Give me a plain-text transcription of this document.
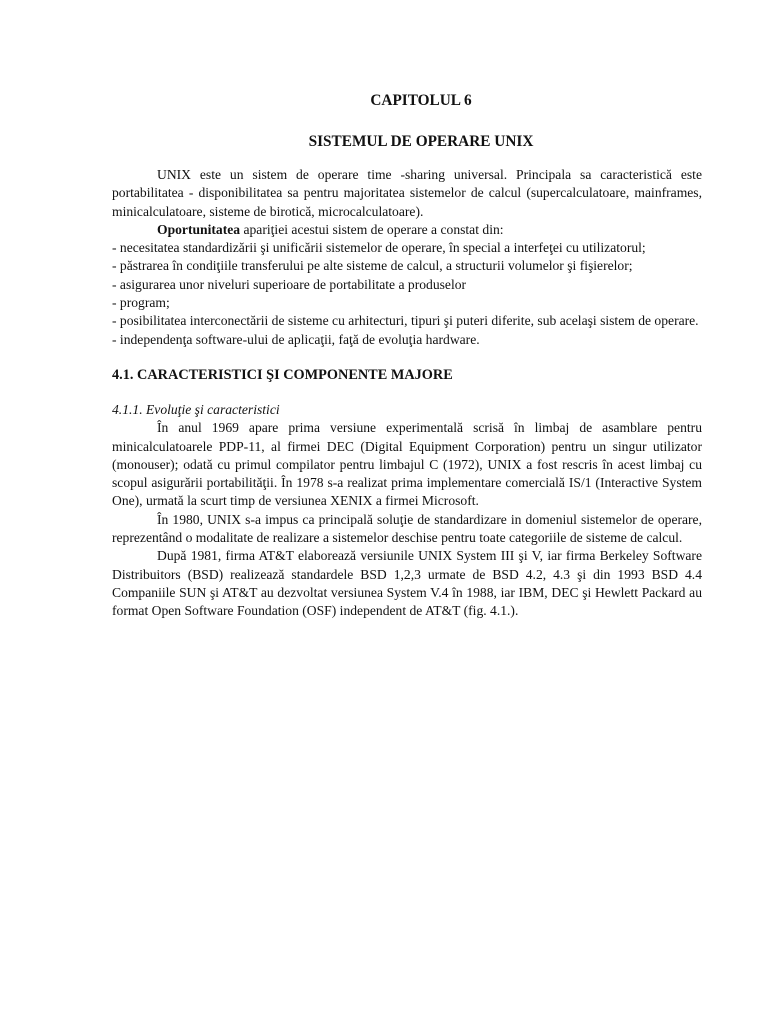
CAPITOLUL 6
SISTEMUL DE OPERARE UNIX

UNIX este un sistem de operare time -sharing universal. Principala sa caracteristică este portabilitatea - disponibilitatea sa pentru majoritatea sistemelor de calcul (supercalculatoare, mainframes, minicalculatoare, sisteme de birotică, microcalculatoare).

Oportunitatea apariţiei acestui sistem de operare a constat din:

- necesitatea standardizării şi unificării sistemelor de operare, în special a interfeţei cu utilizatorul;

- păstrarea în condiţiile transferului pe alte sisteme de calcul, a structurii volumelor şi fişierelor;

- asigurarea unor niveluri superioare de portabilitate a produselor

- program;

- posibilitatea interconectării de sisteme cu arhitecturi, tipuri şi puteri diferite, sub acelaşi sistem de operare.

- independenţa software-ului de aplicaţii, faţă de evoluţia hardware.

4.1. CARACTERISTICI ŞI COMPONENTE MAJORE

4.1.1. Evoluţie şi caracteristici

În anul 1969 apare prima versiune experimentală scrisă în limbaj de asamblare pentru minicalculatoarele PDP-11, al firmei DEC (Digital Equipment Corporation) pentru un singur utilizator (monouser); odată cu primul compilator pentru limbajul C (1972), UNIX a fost rescris în acest limbaj cu scopul asigurării portabilităţii. În 1978 s-a realizat prima implementare comercială IS/1 (Interactive System One), urmată la scurt timp de versiunea XENIX a firmei Microsoft.

În 1980, UNIX s-a impus ca principală soluţie de standardizare in domeniul sistemelor de operare, reprezentând o modalitate de realizare a sistemelor deschise pentru toate categoriile de sisteme de calcul.

După 1981, firma AT&T elaborează versiunile UNIX System III şi V, iar firma Berkeley Software Distribuitors (BSD) realizează standardele BSD 1,2,3 urmate de BSD 4.2, 4.3 şi din 1993 BSD 4.4 Companiile SUN şi AT&T au dezvoltat versiunea System V.4 în 1988, iar IBM, DEC şi Hewlett Packard au format Open Software Foundation (OSF) independent de AT&T (fig. 4.1.).
